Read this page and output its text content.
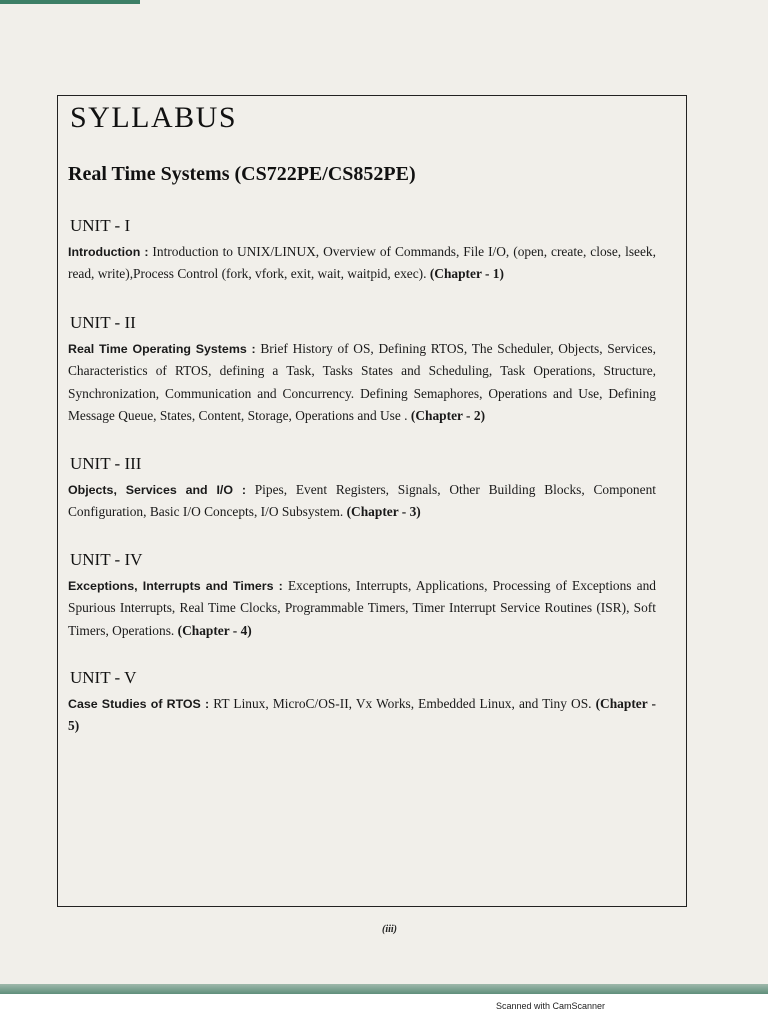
SYLLABUS
Real Time Systems (CS722PE/CS852PE)
UNIT - I

Introduction : Introduction to UNIX/LINUX, Overview of Commands, File I/O, (open, create, close, lseek, read, write),Process Control (fork, vfork, exit, wait, waitpid, exec). (Chapter - 1)

UNIT - II

Real Time Operating Systems : Brief History of OS, Defining RTOS, The Scheduler, Objects, Services, Characteristics of RTOS, defining a Task, Tasks States and Scheduling, Task Operations, Structure, Synchronization, Communication and Concurrency. Defining Semaphores, Operations and Use, Defining Message Queue, States, Content, Storage, Operations and Use . (Chapter - 2)

UNIT - III

Objects, Services and I/O : Pipes, Event Registers, Signals, Other Building Blocks, Component Configuration, Basic I/O Concepts, I/O Subsystem. (Chapter - 3)

UNIT - IV

Exceptions, Interrupts and Timers : Exceptions, Interrupts, Applications, Processing of Exceptions and Spurious Interrupts, Real Time Clocks, Programmable Timers, Timer Interrupt Service Routines (ISR), Soft Timers, Operations. (Chapter - 4)

UNIT - V

Case Studies of RTOS : RT Linux, MicroC/OS-II, Vx Works, Embedded Linux, and Tiny OS. (Chapter - 5)

(iii)
Scanned with CamScanner
